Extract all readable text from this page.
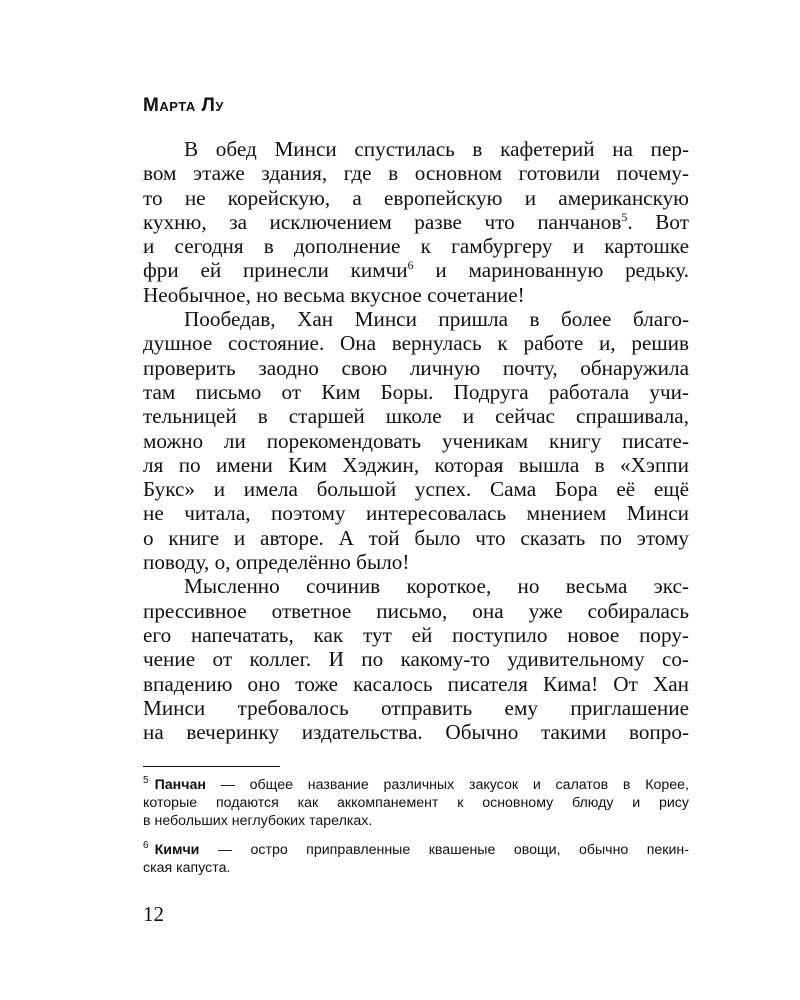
Марта Лу

В обед Минси спустилась в кафетерий на пер-
вом этаже здания, где в основном готовили почему-
то не корейскую, а европейскую и американскую
кухню, за исключением разве что панчанов$^5$. Вот
и сегодня в дополнение к гамбургеру и картошке
фри ей принесли кимчи$^6$ и маринованную редьку.
Необычное, но весьма вкусное сочетание!

Пообедав, Хан Минси пришла в более благо-
душное состояние. Она вернулась к работе и, решив
проверить заодно свою личную почту, обнаружила
там письмо от Ким Боры. Подруга работала учи-
тельницей в старшей школе и сейчас спрашивала,
можно ли порекомендовать ученикам книгу писате-
ля по имени Ким Хэджин, которая вышла в «Хэппи
Букс» и имела большой успех. Сама Бора её ещё
не читала, поэтому интересовалась мнением Минси
о книге и авторе. А той было что сказать по этому
поводу, о, определённо было!

Мысленно сочинив короткое, но весьма экс-
прессивное ответное письмо, она уже собиралась
его напечатать, как тут ей поступило новое пору-
чение от коллег. И по какому-то удивительному со-
впадению оно тоже касалось писателя Кима! От Хан
Минси требовалось отправить ему приглашение
на вечеринку издательства. Обычно такими вопро-

$^5$ Панчан — общее название различных закусок и салатов в Корее,
которые подаются как аккомпанемент к основному блюду и рису
в небольших неглубоких тарелках.

$^6$ Кимчи — остро приправленные квашеные овощи, обычно пекин-
ская капуста.

12
